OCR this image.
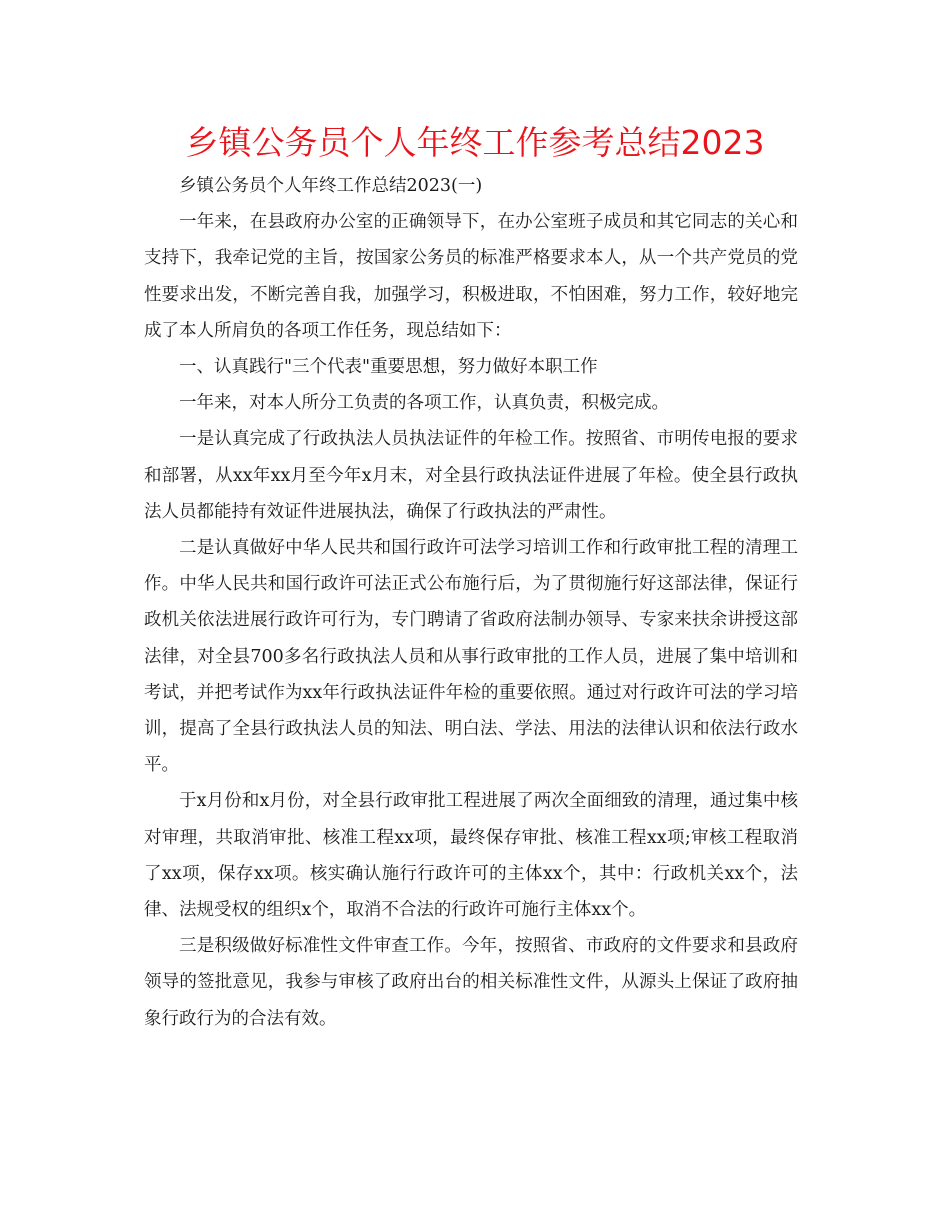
乡镇公务员个人年终工作参考总结2023

乡镇公务员个人年终工作总结2023(一)

一年来，在县政府办公室的正确领导下，在办公室班子成员和其它同志的关心和支持下，我牵记党的主旨，按国家公务员的标准严格要求本人，从一个共产党员的党性要求出发，不断完善自我，加强学习，积极进取，不怕困难，努力工作，较好地完成了本人所肩负的各项工作任务，现总结如下：

一、认真践行"三个代表"重要思想，努力做好本职工作

一年来，对本人所分工负责的各项工作，认真负责，积极完成。

一是认真完成了行政执法人员执法证件的年检工作。按照省、市明传电报的要求和部署，从xx年xx月至今年x月末，对全县行政执法证件进展了年检。使全县行政执法人员都能持有效证件进展执法，确保了行政执法的严肃性。

二是认真做好中华人民共和国行政许可法学习培训工作和行政审批工程的清理工作。中华人民共和国行政许可法正式公布施行后，为了贯彻施行好这部法律，保证行政机关依法进展行政许可行为，专门聘请了省政府法制办领导、专家来扶余讲授这部法律，对全县700多名行政执法人员和从事行政审批的工作人员，进展了集中培训和考试，并把考试作为xx年行政执法证件年检的重要依照。通过对行政许可法的学习培训，提高了全县行政执法人员的知法、明白法、学法、用法的法律认识和依法行政水平。

于x月份和x月份，对全县行政审批工程进展了两次全面细致的清理，通过集中核对审理，共取消审批、核准工程xx项，最终保存审批、核准工程xx项;审核工程取消了xx项，保存xx项。核实确认施行行政许可的主体xx个，其中：行政机关xx个，法律、法规受权的组织x个，取消不合法的行政许可施行主体xx个。

三是积级做好标准性文件审查工作。今年，按照省、市政府的文件要求和县政府领导的签批意见，我参与审核了政府出台的相关标准性文件，从源头上保证了政府抽象行政行为的合法有效。
